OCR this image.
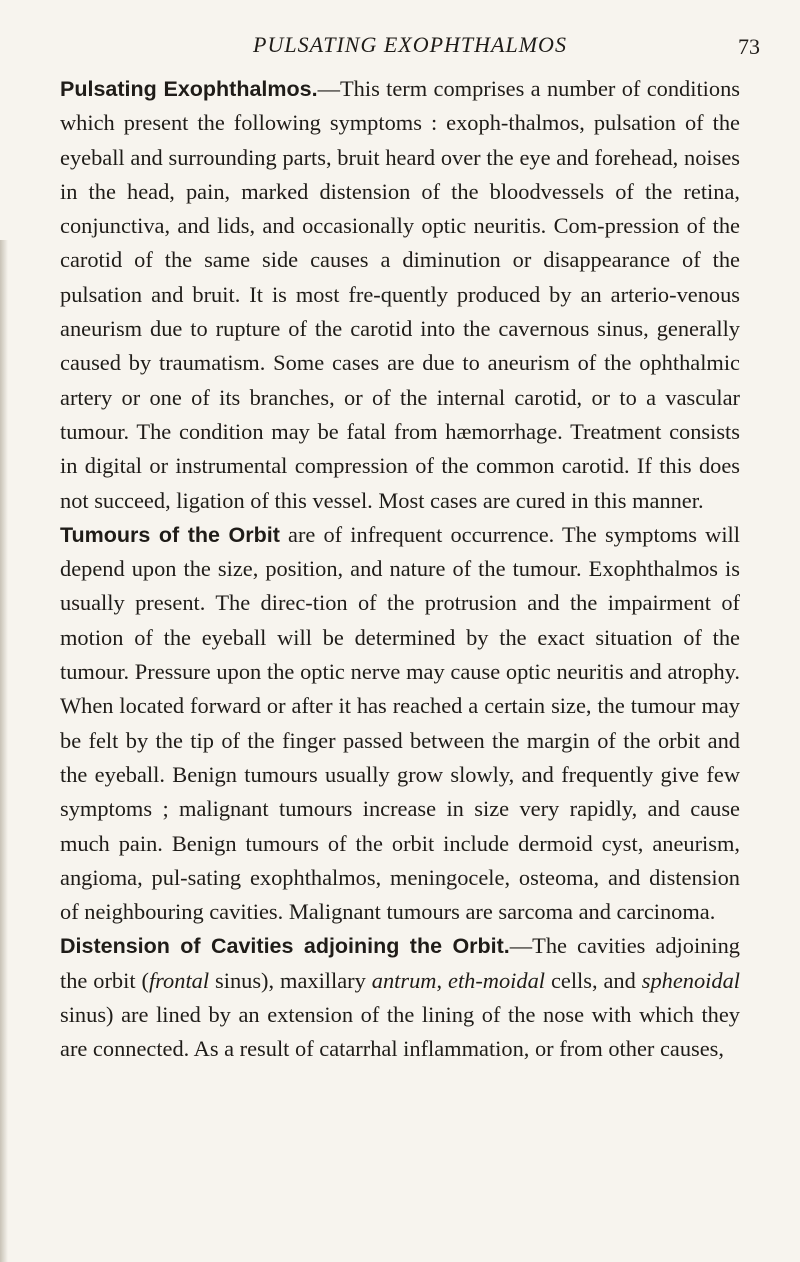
PULSATING EXOPHTHALMOS	73

Pulsating Exophthalmos.—This term comprises a number of conditions which present the following symptoms : exoph-thalmos, pulsation of the eyeball and surrounding parts, bruit heard over the eye and forehead, noises in the head, pain, marked distension of the bloodvessels of the retina, conjunctiva, and lids, and occasionally optic neuritis. Com-pression of the carotid of the same side causes a diminution or disappearance of the pulsation and bruit. It is most fre-quently produced by an arterio-venous aneurism due to rupture of the carotid into the cavernous sinus, generally caused by traumatism. Some cases are due to aneurism of the ophthalmic artery or one of its branches, or of the internal carotid, or to a vascular tumour. The condition may be fatal from hæmorrhage. Treatment consists in digital or instrumental compression of the common carotid. If this does not succeed, ligation of this vessel. Most cases are cured in this manner.

Tumours of the Orbit are of infrequent occurrence. The symptoms will depend upon the size, position, and nature of the tumour. Exophthalmos is usually present. The direc-tion of the protrusion and the impairment of motion of the eyeball will be determined by the exact situation of the tumour. Pressure upon the optic nerve may cause optic neuritis and atrophy. When located forward or after it has reached a certain size, the tumour may be felt by the tip of the finger passed between the margin of the orbit and the eyeball. Benign tumours usually grow slowly, and frequently give few symptoms ; malignant tumours increase in size very rapidly, and cause much pain. Benign tumours of the orbit include dermoid cyst, aneurism, angioma, pul-sating exophthalmos, meningocele, osteoma, and distension of neighbouring cavities. Malignant tumours are sarcoma and carcinoma.

Distension of Cavities adjoining the Orbit.—The cavities adjoining the orbit (frontal sinus), maxillary antrum, eth-moidal cells, and sphenoidal sinus) are lined by an extension of the lining of the nose with which they are connected. As a result of catarrhal inflammation, or from other causes,
